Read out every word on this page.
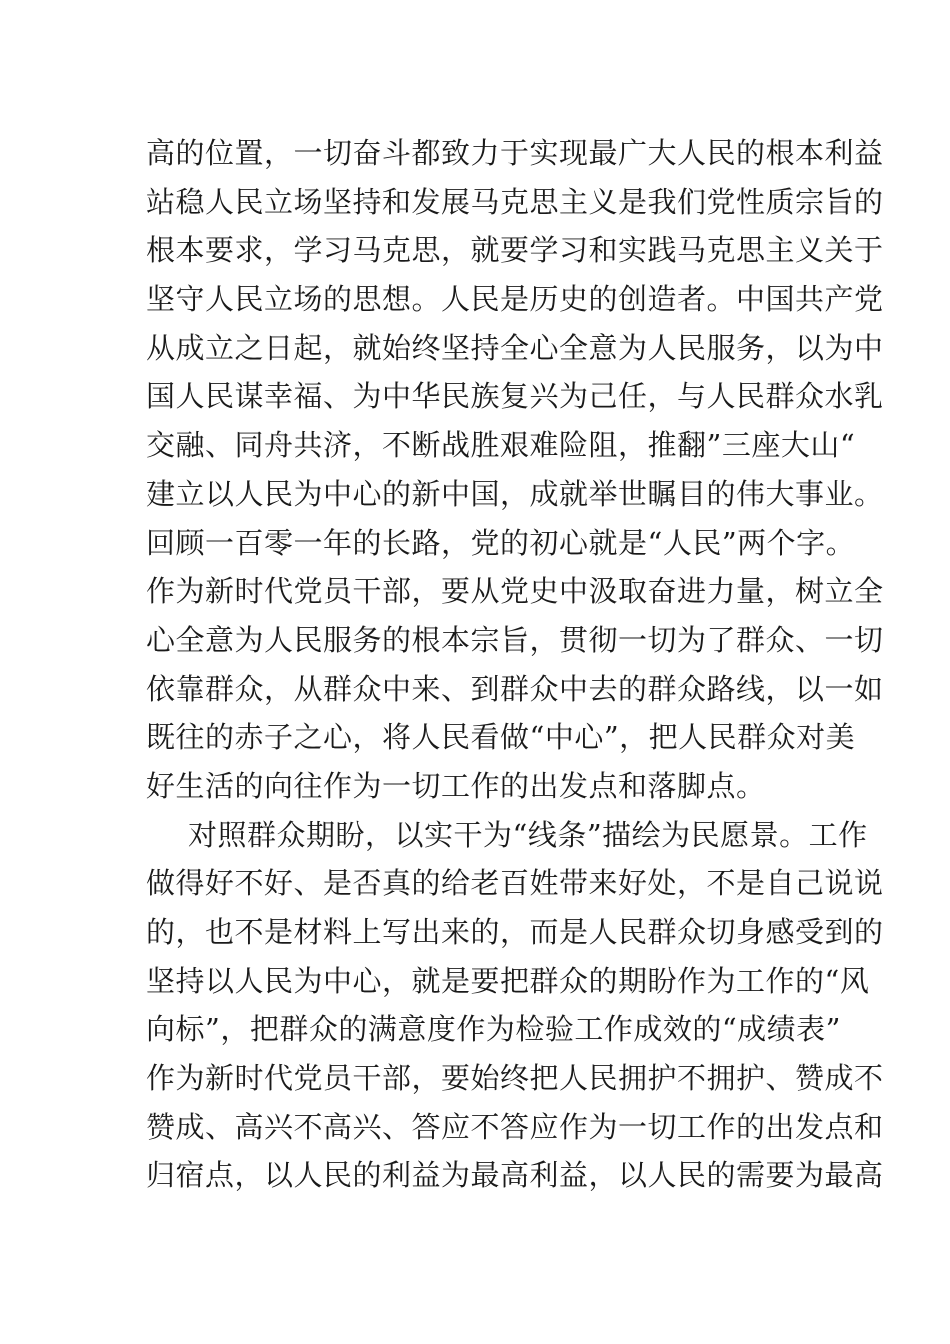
高的位置，一切奋斗都致力于实现最广大人民的根本利益
站稳人民立场坚持和发展马克思主义是我们党性质宗旨的
根本要求，学习马克思，就要学习和实践马克思主义关于
坚守人民立场的思想。人民是历史的创造者。中国共产党
从成立之日起，就始终坚持全心全意为人民服务，以为中
国人民谋幸福、为中华民族复兴为己任，与人民群众水乳
交融、同舟共济，不断战胜艰难险阻，推翻”三座大山“
建立以人民为中心的新中国，成就举世瞩目的伟大事业。
回顾一百零一年的长路，党的初心就是“人民”两个字。
作为新时代党员干部，要从党史中汲取奋进力量，树立全
心全意为人民服务的根本宗旨，贯彻一切为了群众、一切
依靠群众，从群众中来、到群众中去的群众路线，以一如
既往的赤子之心，将人民看做“中心”，把人民群众对美
好生活的向往作为一切工作的出发点和落脚点。
对照群众期盼，以实干为“线条”描绘为民愿景。工作
做得好不好、是否真的给老百姓带来好处，不是自己说说
的，也不是材料上写出来的，而是人民群众切身感受到的
坚持以人民为中心，就是要把群众的期盼作为工作的“风
向标”，把群众的满意度作为检验工作成效的“成绩表”
作为新时代党员干部，要始终把人民拥护不拥护、赞成不
赞成、高兴不高兴、答应不答应作为一切工作的出发点和
归宿点，以人民的利益为最高利益，以人民的需要为最高
